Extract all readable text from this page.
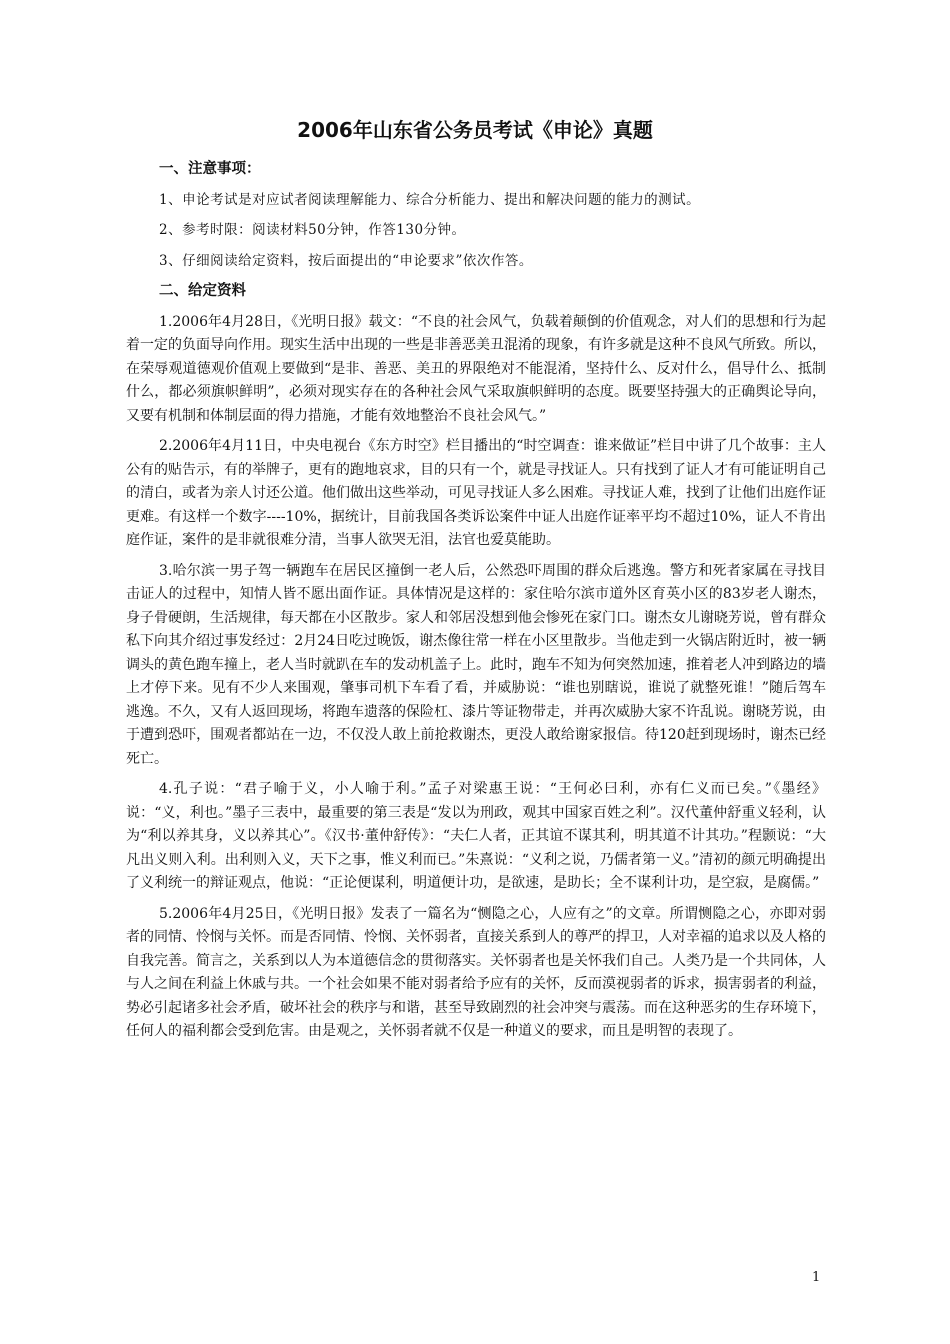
2006年山东省公务员考试《申论》真题
一、注意事项：
1、申论考试是对应试者阅读理解能力、综合分析能力、提出和解决问题的能力的测试。
2、参考时限：阅读材料50分钟，作答130分钟。
3、仔细阅读给定资料，按后面提出的“申论要求”依次作答。
二、给定资料

1.2006年4月28日，《光明日报》载文：“不良的社会风气，负载着颠倒的价值观念，对人们的思想和行为起着一定的负面导向作用。现实生活中出现的一些是非善恶美丑混淆的现象，有许多就是这种不良风气所致。所以，在荣辱观道德观价值观上要做到“是非、善恶、美丑的界限绝对不能混淆，坚持什么、反对什么，倡导什么、抵制什么，都必须旗帜鲜明”，必须对现实存在的各种社会风气采取旗帜鲜明的态度。既要坚持强大的正确舆论导向，又要有机制和体制层面的得力措施，才能有效地整治不良社会风气。”

2.2006年4月11日，中央电视台《东方时空》栏目播出的“时空调查：谁来做证”栏目中讲了几个故事：主人公有的贴告示，有的举牌子，更有的跑地哀求，目的只有一个，就是寻找证人。只有找到了证人才有可能证明自己的清白，或者为亲人讨还公道。他们做出这些举动，可见寻找证人多么困难。寻找证人难，找到了让他们出庭作证更难。有这样一个数字----10%，据统计，目前我国各类诉讼案件中证人出庭作证率平均不超过10%，证人不肯出庭作证，案件的是非就很难分清，当事人欲哭无泪，法官也爱莫能助。

3.哈尔滨一男子驾一辆跑车在居民区撞倒一老人后，公然恐吓周围的群众后逃逸。警方和死者家属在寻找目击证人的过程中，知情人皆不愿出面作证。具体情况是这样的：家住哈尔滨市道外区育英小区的83岁老人谢杰，身子骨硬朗，生活规律，每天都在小区散步。家人和邻居没想到他会惨死在家门口。谢杰女儿谢晓芳说，曾有群众私下向其介绍过事发经过：2月24日吃过晚饭，谢杰像往常一样在小区里散步。当他走到一火锅店附近时，被一辆调头的黄色跑车撞上，老人当时就趴在车的发动机盖子上。此时，跑车不知为何突然加速，推着老人冲到路边的墙上才停下来。见有不少人来围观，肇事司机下车看了看，并威胁说：“谁也别瞎说，谁说了就整死谁！”随后驾车逃逸。不久，又有人返回现场，将跑车遗落的保险杠、漆片等证物带走，并再次威胁大家不许乱说。谢晓芳说，由于遭到恐吓，围观者都站在一边，不仅没人敢上前抢救谢杰，更没人敢给谢家报信。待120赶到现场时，谢杰已经死亡。

4.孔子说：“君子喻于义，小人喻于利。”孟子对梁惠王说：“王何必曰利，亦有仁义而已矣。”《墨经》说：“义，利也。”墨子三表中，最重要的第三表是“发以为刑政，观其中国家百姓之利”。汉代董仲舒重义轻利，认为“利以养其身，义以养其心”。《汉书·董仲舒传》：“夫仁人者，正其谊不谋其利，明其道不计其功。”程颢说：“大凡出义则入利。出利则入义，天下之事，惟义利而已。”朱熹说：“义利之说，乃儒者第一义。”清初的颜元明确提出了义利统一的辩证观点，他说：“正论便谋利，明道便计功，是欲速，是助长；全不谋利计功，是空寂，是腐儒。”

5.2006年4月25日，《光明日报》发表了一篇名为“恻隐之心，人应有之”的文章。所谓恻隐之心，亦即对弱者的同情、怜悯与关怀。而是否同情、怜悯、关怀弱者，直接关系到人的尊严的捍卫，人对幸福的追求以及人格的自我完善。简言之，关系到以人为本道德信念的贯彻落实。关怀弱者也是关怀我们自己。人类乃是一个共同体，人与人之间在利益上休戚与共。一个社会如果不能对弱者给予应有的关怀，反而漠视弱者的诉求，损害弱者的利益，势必引起诸多社会矛盾，破坏社会的秩序与和谐，甚至导致剧烈的社会冲突与震荡。而在这种恶劣的生存环境下，任何人的福利都会受到危害。由是观之，关怀弱者就不仅是一种道义的要求，而且是明智的表现了。

1
